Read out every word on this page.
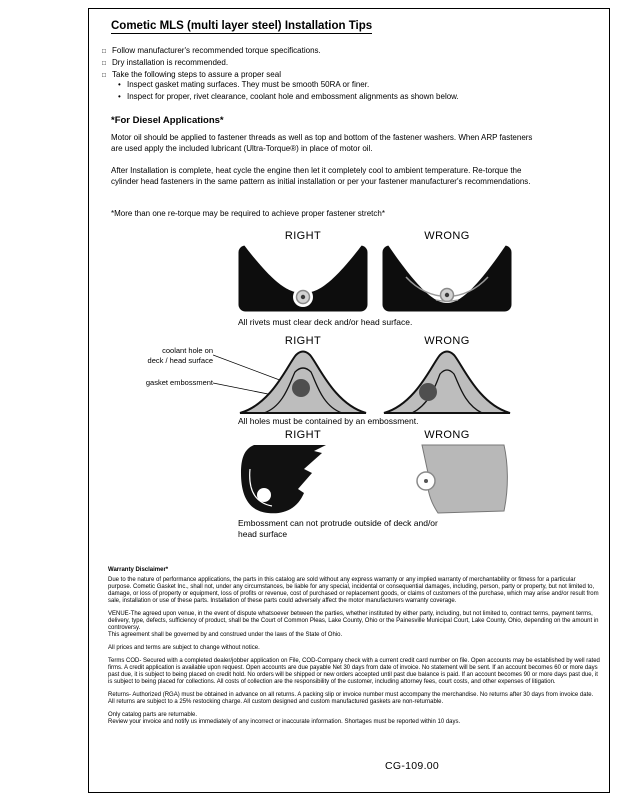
Cometic MLS (multi layer steel) Installation Tips
□ Follow manufacturer's recommended torque specifications.
□ Dry installation is recommended.
□ Take the following steps to assure a proper seal
• Inspect gasket mating surfaces. They must be smooth 50RA or finer.
• Inspect for proper, rivet clearance, coolant hole and embossment alignments as shown below.
*For Diesel Applications*
Motor oil should be applied to fastener threads as well as top and bottom of the fastener washers. When ARP fasteners are used apply the included lubricant (Ultra-Torque®) in place of motor oil.
After Installation is complete, heat cycle the engine then let it completely cool to ambient temperature. Re-torque the cylinder head fasteners in the same pattern as initial installation or per your fastener manufacturer's recommendations.
*More than one re-torque may be required to achieve proper fastener stretch*
RIGHT	WRONG
All rivets must clear deck and/or head surface.
RIGHT	WRONG
coolant hole on
deck / head surface
gasket embossment
All holes must be contained by an embossment.
RIGHT	WRONG
Embossment can not protrude outside of deck and/or head surface
Warranty Disclaimer*

Due to the nature of performance applications, the parts in this catalog are sold without any express warranty or any implied warranty of merchantability or fitness for a particular purpose. Cometic Gasket Inc., shall not, under any circumstances, be liable for any special, incidental or consequential damages, including, person, party or property, but not limited to, damage, or loss of property or equipment, loss of profits or revenue, cost of purchased or replacement goods, or claims of customers of the purchase, which may arise and/or result from sale, installation or use of these parts. Installation of these parts could adversely affect the motor manufacturers warranty coverage.

VENUE-The agreed upon venue, in the event of dispute whatsoever between the parties, whether instituted by either party, including, but not limited to, contract terms, payment terms, delivery, type, defects, sufficiency of product, shall be the Court of Common Pleas, Lake County, Ohio or the Painesville Municipal Court, Lake County, Ohio, depending on the amount in controversy.

This agreement shall be governed by and construed under the laws of the State of Ohio.

All prices and terms are subject to change without notice.

Terms COD- Secured with a completed dealer/jobber application on File, COD-Company check with a current credit card number on file. Open accounts may be established by well rated firms. A credit application is available upon request. Open accounts are due payable Net 30 days from date of invoice. No statement will be sent. If an account becomes 60 or more days past due, it is subject to being placed on credit hold. No orders will be shipped or new orders accepted until past due balance is paid. If an account becomes 90 or more days past due, it is subject to being placed for collections. All costs of collection are the responsibility of the customer, including attorney fees, court costs, and other expenses of litigation.

Returns- Authorized (RGA) must be obtained in advance on all returns. A packing slip or invoice number must accompany the merchandise. No returns after 30 days from invoice date. All returns are subject to a 25% restocking charge. All custom designed and custom manufactured gaskets are non-returnable.

Only catalog parts are returnable.

Review your invoice and notify us immediately of any incorrect or inaccurate information. Shortages must be reported within 10 days.

CG-109.00
